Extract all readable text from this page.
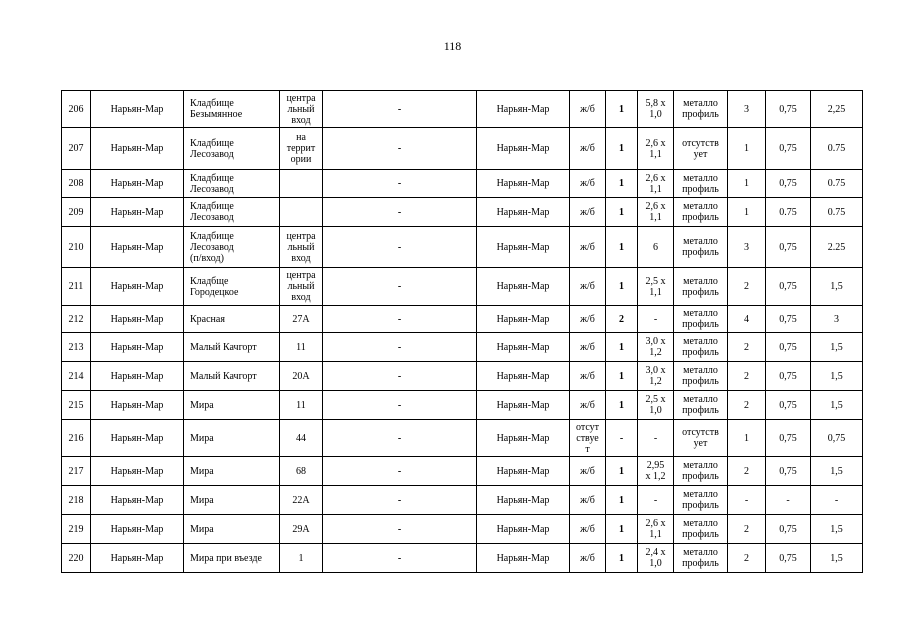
118
206	Нарьян-Мар	Кладбище
Безымянное	центра
льный
вход	-	Нарьян-Мар	ж/б	1	5,8 х
1,0	металло
профиль	3	0,75	2,25
207	Нарьян-Мар	Кладбище
Лесозавод	на
террит
ории	-	Нарьян-Мар	ж/б	1	2,6 х
1,1	отсутств
ует	1	0,75	0.75
208	Нарьян-Мар	Кладбище
Лесозавод		-	Нарьян-Мар	ж/б	1	2,6 х
1,1	металло
профиль	1	0,75	0.75
209	Нарьян-Мар	Кладбище
Лесозавод		-	Нарьян-Мар	ж/б	1	2,6 х
1,1	металло
профиль	1	0.75	0.75
210	Нарьян-Мар	Кладбище
Лесозавод
(п/вход)	центра
льный
вход	-	Нарьян-Мар	ж/б	1	6	металло
профиль	3	0,75	2.25
211	Нарьян-Мар	Кладбще
Городецкое	центра
льный
вход	-	Нарьян-Мар	ж/б	1	2,5 х
1,1	металло
профиль	2	0,75	1,5
212	Нарьян-Мар	Красная	27А	-	Нарьян-Мар	ж/б	2	-	металло
профиль	4	0,75	3
213	Нарьян-Мар	Малый Качгорт	11	-	Нарьян-Мар	ж/б	1	3,0 х
1,2	металло
профиль	2	0,75	1,5
214	Нарьян-Мар	Малый Качгорт	20А	-	Нарьян-Мар	ж/б	1	3,0 х
1,2	металло
профиль	2	0,75	1,5
215	Нарьян-Мар	Мира	11	-	Нарьян-Мар	ж/б	1	2,5 х
1,0	металло
профиль	2	0,75	1,5
216	Нарьян-Мар	Мира	44	-	Нарьян-Мар	отсут
ствуе
т	-	-	отсутств
ует	1	0,75	0,75
217	Нарьян-Мар	Мира	68	-	Нарьян-Мар	ж/б	1	2,95
х 1,2	металло
профиль	2	0,75	1,5
218	Нарьян-Мар	Мира	22А	-	Нарьян-Мар	ж/б	1	-	металло
профиль	-	-	-
219	Нарьян-Мар	Мира	29А	-	Нарьян-Мар	ж/б	1	2,6 х
1,1	металло
профиль	2	0,75	1,5
220	Нарьян-Мар	Мира при въезде	1	-	Нарьян-Мар	ж/б	1	2,4 х
1,0	металло
профиль	2	0,75	1,5
